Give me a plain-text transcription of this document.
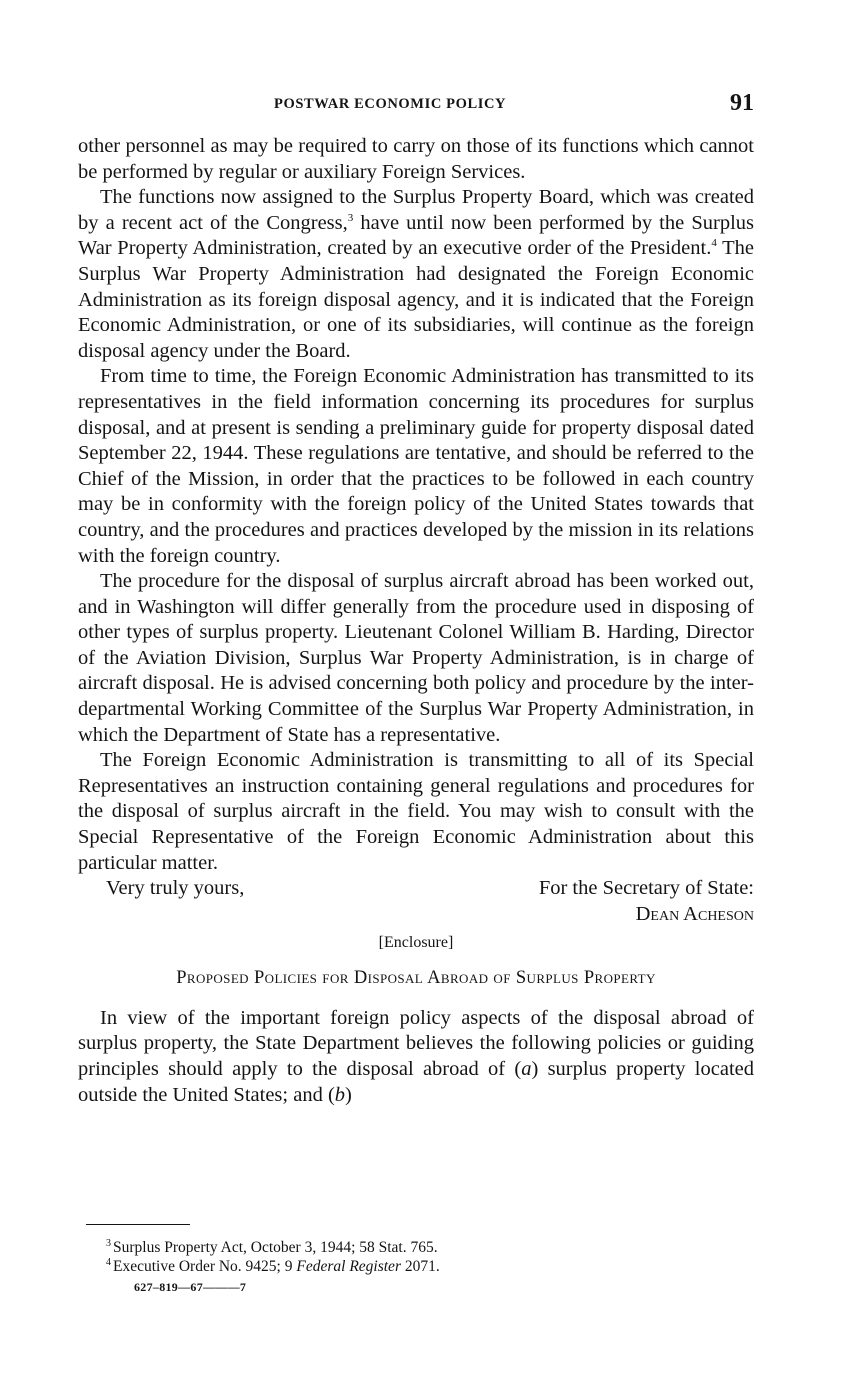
POSTWAR ECONOMIC POLICY	91

other personnel as may be required to carry on those of its functions which cannot be performed by regular or auxiliary Foreign Services.

The functions now assigned to the Surplus Property Board, which was created by a recent act of the Congress,$^3$ have until now been performed by the Surplus War Property Administration, created by an executive order of the President.$^4$ The Surplus War Property Administration had designated the Foreign Economic Administration as its foreign disposal agency, and it is indicated that the Foreign Economic Administration, or one of its subsidiaries, will continue as the foreign disposal agency under the Board.

From time to time, the Foreign Economic Administration has transmitted to its representatives in the field information concerning its procedures for surplus disposal, and at present is sending a preliminary guide for property disposal dated September 22, 1944. These regulations are tentative, and should be referred to the Chief of the Mission, in order that the practices to be followed in each country may be in conformity with the foreign policy of the United States towards that country, and the procedures and practices developed by the mission in its relations with the foreign country.

The procedure for the disposal of surplus aircraft abroad has been worked out, and in Washington will differ generally from the procedure used in disposing of other types of surplus property. Lieutenant Colonel William B. Harding, Director of the Aviation Division, Surplus War Property Administration, is in charge of aircraft disposal. He is advised concerning both policy and procedure by the inter-departmental Working Committee of the Surplus War Property Administration, in which the Department of State has a representative.

The Foreign Economic Administration is transmitting to all of its Special Representatives an instruction containing general regulations and procedures for the disposal of surplus aircraft in the field. You may wish to consult with the Special Representative of the Foreign Economic Administration about this particular matter.

Very truly yours,	For the Secretary of State:
Dean Acheson
[Enclosure]
Proposed Policies for Disposal Abroad of Surplus Property

In view of the important foreign policy aspects of the disposal abroad of surplus property, the State Department believes the following policies or guiding principles should apply to the disposal abroad of (a) surplus property located outside the United States; and (b)

$^3$ Surplus Property Act, October 3, 1944; 58 Stat. 765.
$^4$ Executive Order No. 9425; 9 Federal Register 2071.
627–819—67———7
